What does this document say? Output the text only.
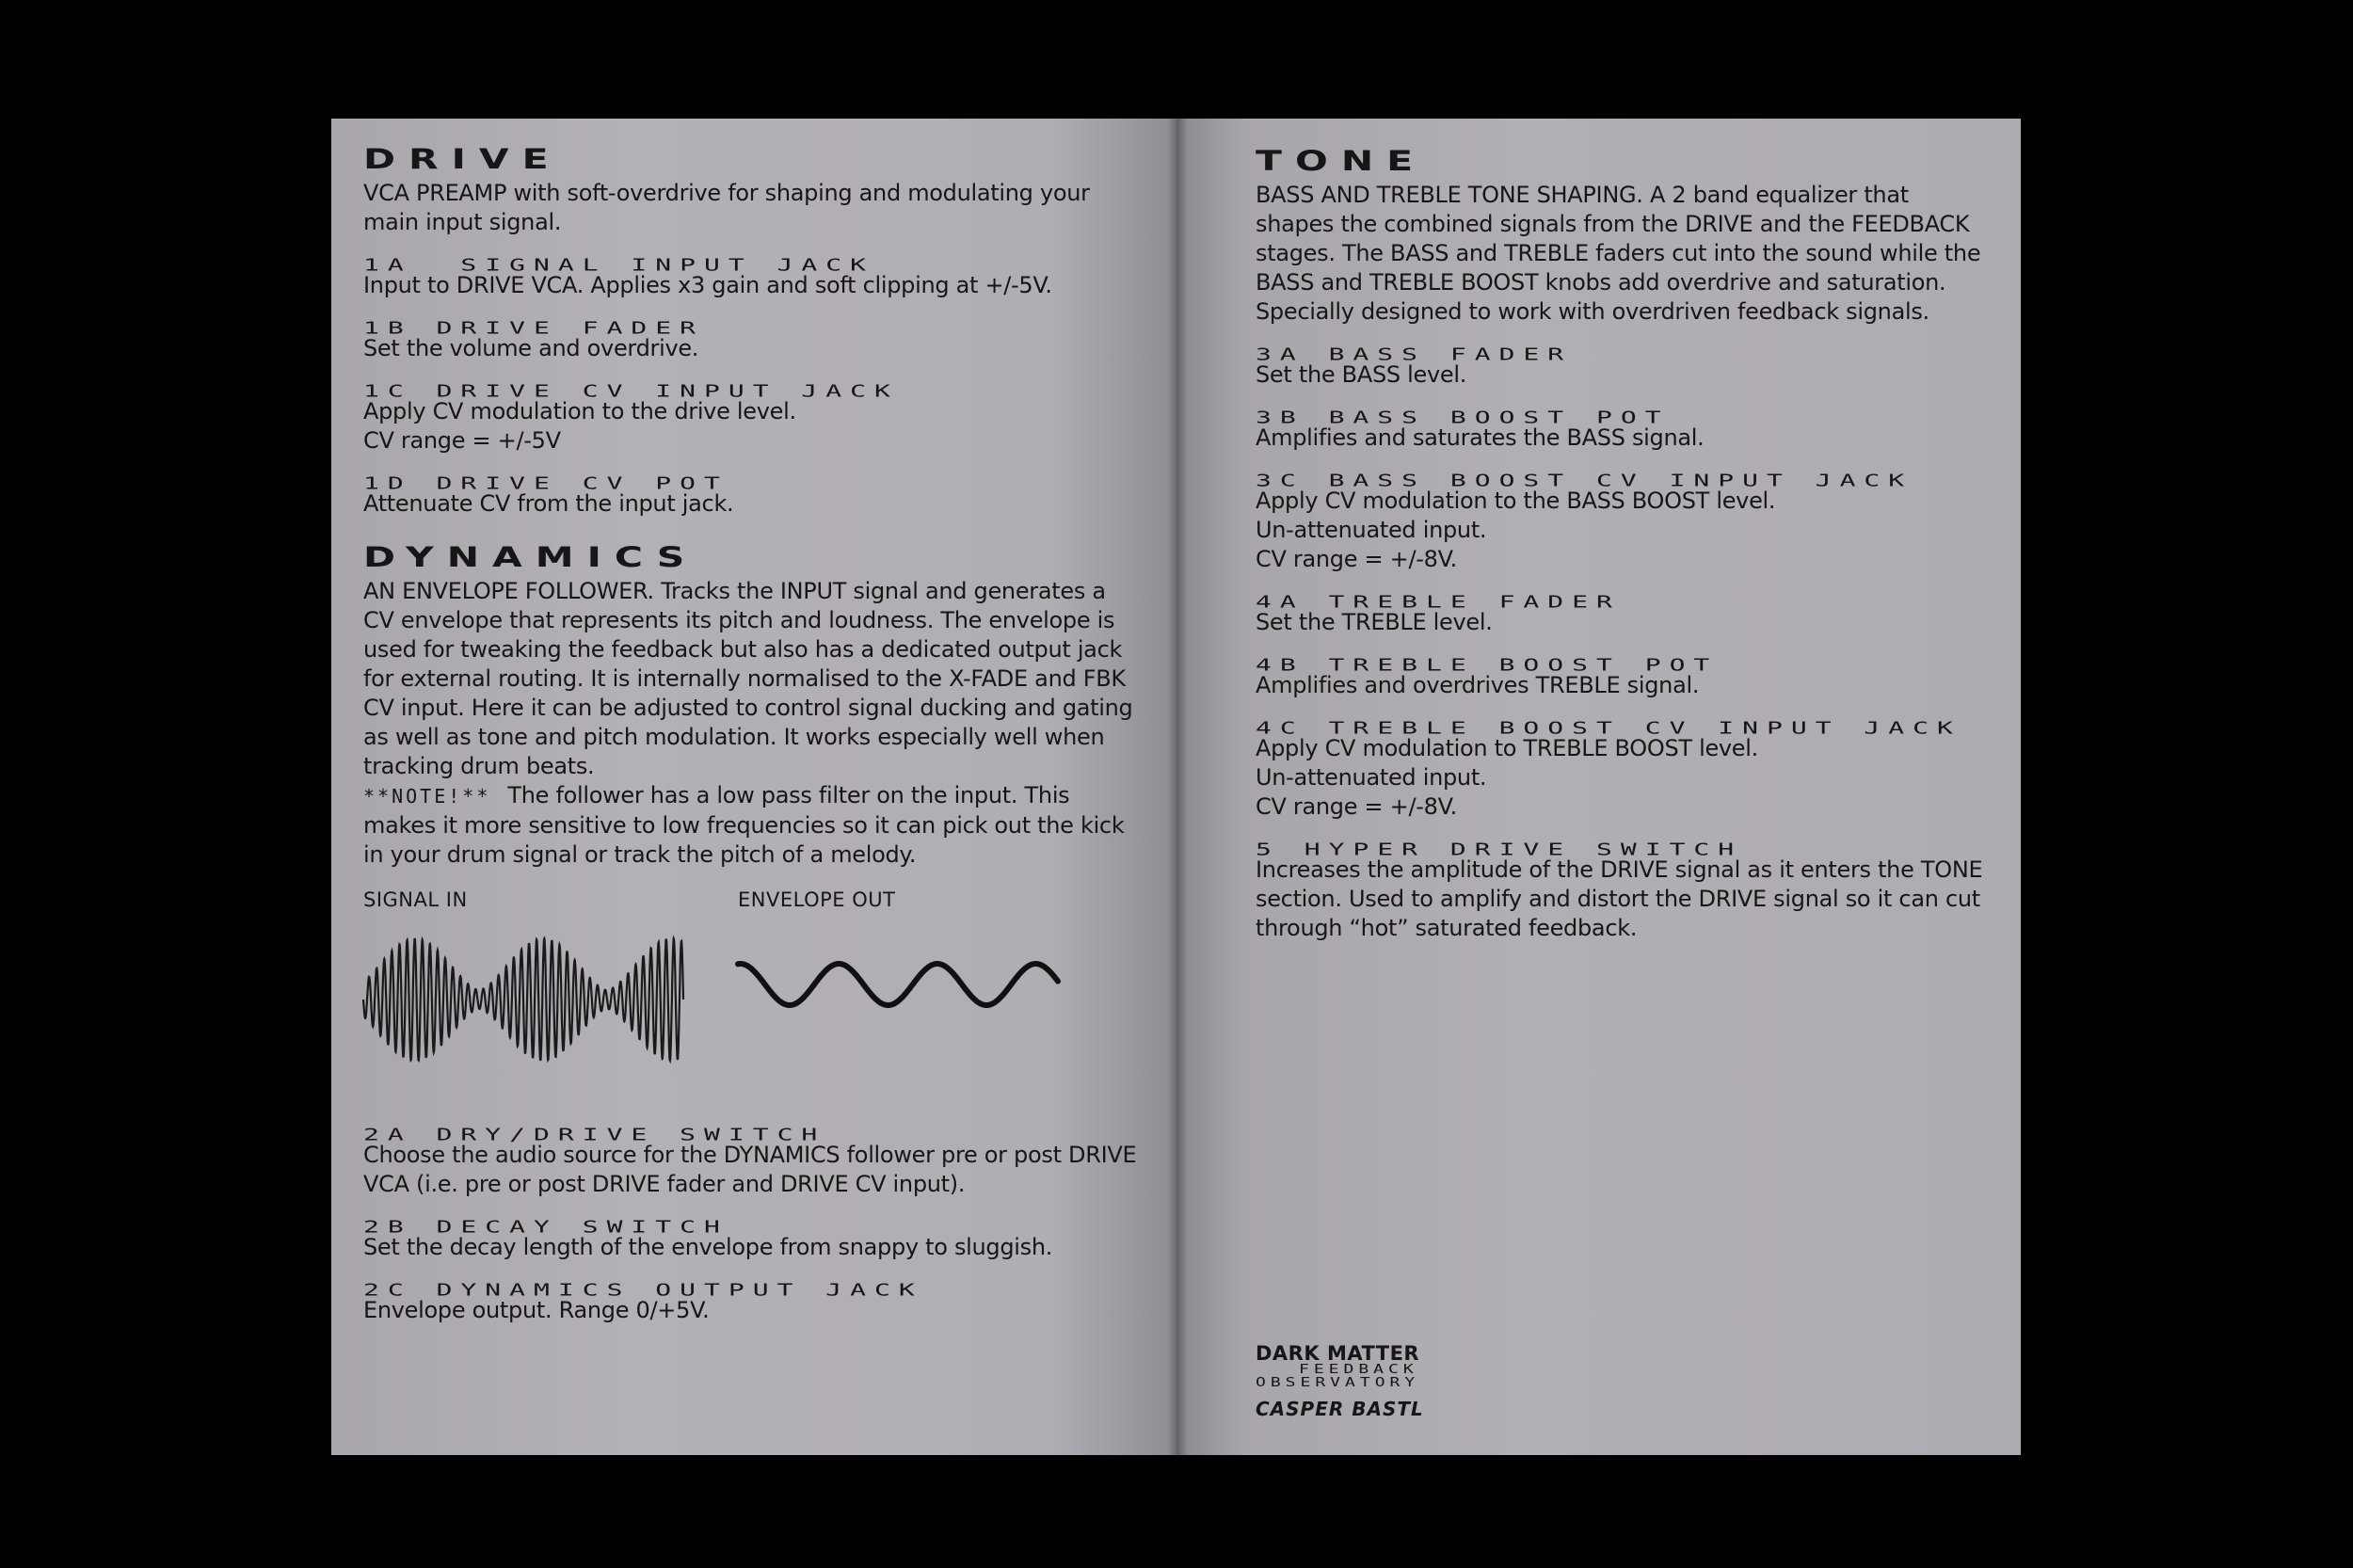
DRIVE

VCA PREAMP with soft-overdrive for shaping and modulating your main input signal.

1A  SIGNAL INPUT JACK

Input to DRIVE VCA. Applies x3 gain and soft clipping at +/-5V.

1B DRIVE FADER

Set the volume and overdrive.

1C DRIVE CV INPUT JACK

Apply CV modulation to the drive level.

CV range = +/-5V

1D DRIVE CV POT

Attenuate CV from the input jack.

DYNAMICS

AN ENVELOPE FOLLOWER. Tracks the INPUT signal and generates a CV envelope that represents its pitch and loudness. The envelope is used for tweaking the feedback but also has a dedicated output jack for external routing. It is internally normalised to the X-FADE and FBK CV input. Here it can be adjusted to control signal ducking and gating as well as tone and pitch modulation. It works especially well when tracking drum beats.

**NOTE!** The follower has a low pass filter on the input. This makes it more sensitive to low frequencies so it can pick out the kick in your drum signal or track the pitch of a melody.

SIGNAL IN	ENVELOPE OUT
2A DRY/DRIVE SWITCH

Choose the audio source for the DYNAMICS follower pre or post DRIVE VCA (i.e. pre or post DRIVE fader and DRIVE CV input).

2B DECAY SWITCH

Set the decay length of the envelope from snappy to sluggish.

2C DYNAMICS OUTPUT JACK

Envelope output. Range 0/+5V.

TONE

BASS AND TREBLE TONE SHAPING. A 2 band equalizer that shapes the combined signals from the DRIVE and the FEEDBACK stages. The BASS and TREBLE faders cut into the sound while the BASS and TREBLE BOOST knobs add overdrive and saturation. Specially designed to work with overdriven feedback signals.

3A BASS FADER

Set the BASS level.

3B BASS BOOST POT

Amplifies and saturates the BASS signal.

3C BASS BOOST CV INPUT JACK

Apply CV modulation to the BASS BOOST level.

Un-attenuated input.

CV range = +/-8V.

4A TREBLE FADER

Set the TREBLE level.

4B TREBLE BOOST POT

Amplifies and overdrives TREBLE signal.

4C TREBLE BOOST CV INPUT JACK

Apply CV modulation to TREBLE BOOST level.

Un-attenuated input.

CV range = +/-8V.

5 HYPER DRIVE SWITCH

Increases the amplitude of the DRIVE signal as it enters the TONE section. Used to amplify and distort the DRIVE signal so it can cut through “hot” saturated feedback.

DARK MATTER
FEEDBACK
OBSERVATORY
CASPER BASTL
